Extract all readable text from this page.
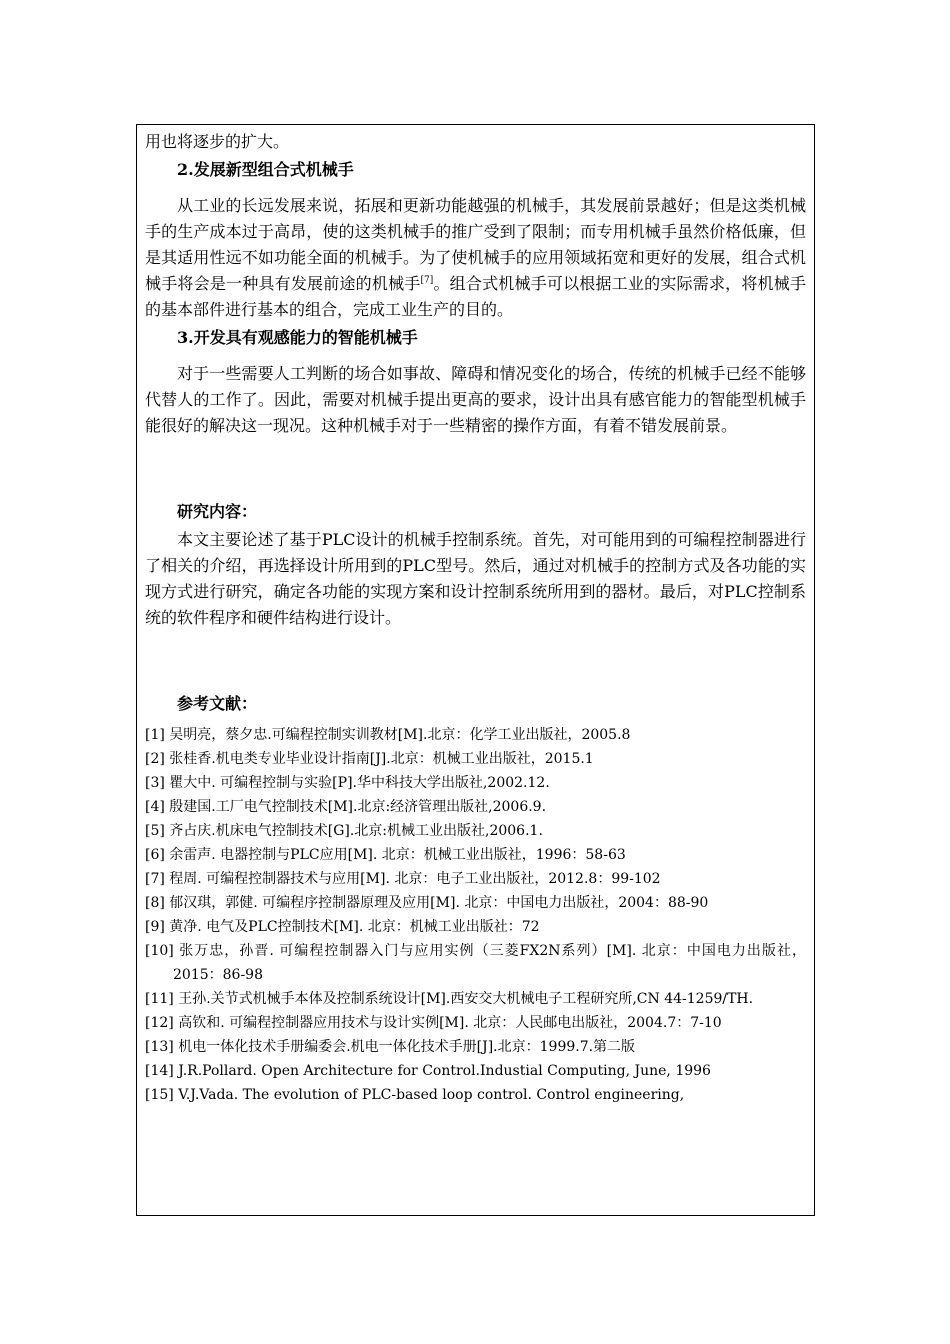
用也将逐步的扩大。

2.发展新型组合式机械手

从工业的长远发展来说，拓展和更新功能越强的机械手，其发展前景越好；但是这类机械手的生产成本过于高昂，使的这类机械手的推广受到了限制；而专用机械手虽然价格低廉，但是其适用性远不如功能全面的机械手。为了使机械手的应用领域拓宽和更好的发展，组合式机械手将会是一种具有发展前途的机械手[7]。组合式机械手可以根据工业的实际需求，将机械手的基本部件进行基本的组合，完成工业生产的目的。

3.开发具有观感能力的智能机械手

对于一些需要人工判断的场合如事故、障碍和情况变化的场合，传统的机械手已经不能够代替人的工作了。因此，需要对机械手提出更高的要求，设计出具有感官能力的智能型机械手能很好的解决这一现况。这种机械手对于一些精密的操作方面，有着不错发展前景。

研究内容：

本文主要论述了基于PLC设计的机械手控制系统。首先，对可能用到的可编程控制器进行了相关的介绍，再选择设计所用到的PLC型号。然后，通过对机械手的控制方式及各功能的实现方式进行研究，确定各功能的实现方案和设计控制系统所用到的器材。最后，对PLC控制系统的软件程序和硬件结构进行设计。

参考文献：
[1] 吴明亮，蔡夕忠.可编程控制实训教材[M].北京：化学工业出版社，2005.8
[2] 张桂香.机电类专业毕业设计指南[J].北京：机械工业出版社，2015.1
[3] 瞿大中. 可编程控制与实验[P].华中科技大学出版社,2002.12.
[4] 殷建国.工厂电气控制技术[M].北京:经济管理出版社,2006.9.
[5] 齐占庆.机床电气控制技术[G].北京:机械工业出版社,2006.1.
[6] 余雷声. 电器控制与PLC应用[M]. 北京：机械工业出版社，1996：58-63
[7] 程周. 可编程控制器技术与应用[M]. 北京：电子工业出版社，2012.8：99-102
[8] 郁汉琪，郭健. 可编程序控制器原理及应用[M]. 北京：中国电力出版社，2004：88-90
[9] 黄净. 电气及PLC控制技术[M]. 北京：机械工业出版社：72
[10] 张万忠，孙晋. 可编程控制器入门与应用实例（三菱FX2N系列）[M]. 北京：中国电力出版社，2015：86-98
[11] 王孙.关节式机械手本体及控制系统设计[M].西安交大机械电子工程研究所,CN 44-1259/TH.
[12] 高钦和. 可编程控制器应用技术与设计实例[M]. 北京：人民邮电出版社，2004.7：7-10
[13] 机电一体化技术手册编委会.机电一体化技术手册[J].北京：1999.7.第二版
[14] J.R.Pollard. Open Architecture for Control.Industial Computing, June, 1996
[15] V.J.Vada. The evolution of PLC-based loop control. Control engineering,
